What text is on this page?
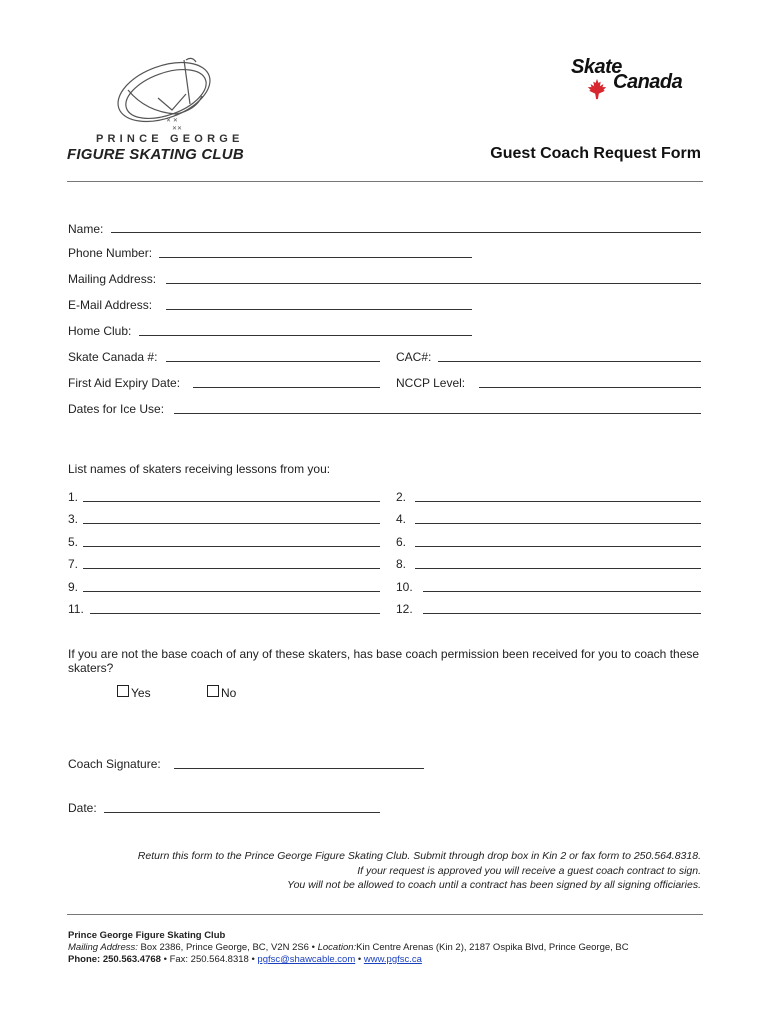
✕ ✕
✕✕
PRINCE GEORGE
FIGURE SKATING CLUB
Skate
Canada
Guest Coach Request Form
Name:
Phone Number:
Mailing Address:
E-Mail Address:
Home Club:
Skate Canada #:	CAC#:
First Aid Expiry Date:	NCCP Level:
Dates for Ice Use:
List names of skaters receiving lessons from you:
1.	2.
3.	4.
5.	6.
7.	8.
9.	10.
11.	12.
If you are not the base coach of any of these skaters, has base coach permission been received for you to coach these skaters?
Yes	No
Coach Signature:
Date:
Return this form to the Prince George Figure Skating Club. Submit through drop box in Kin 2 or fax form to 250.564.8318.
If your request is approved you will receive a guest coach contract to sign.
You will not be allowed to coach until a contract has been signed by all signing officiaries.
Prince George Figure Skating Club
Mailing Address: Box 2386, Prince George, BC, V2N 2S6 • Location:Kin Centre Arenas (Kin 2), 2187 Ospika Blvd, Prince George, BC
Phone: 250.563.4768 • Fax: 250.564.8318 • pgfsc@shawcable.com • www.pgfsc.ca
